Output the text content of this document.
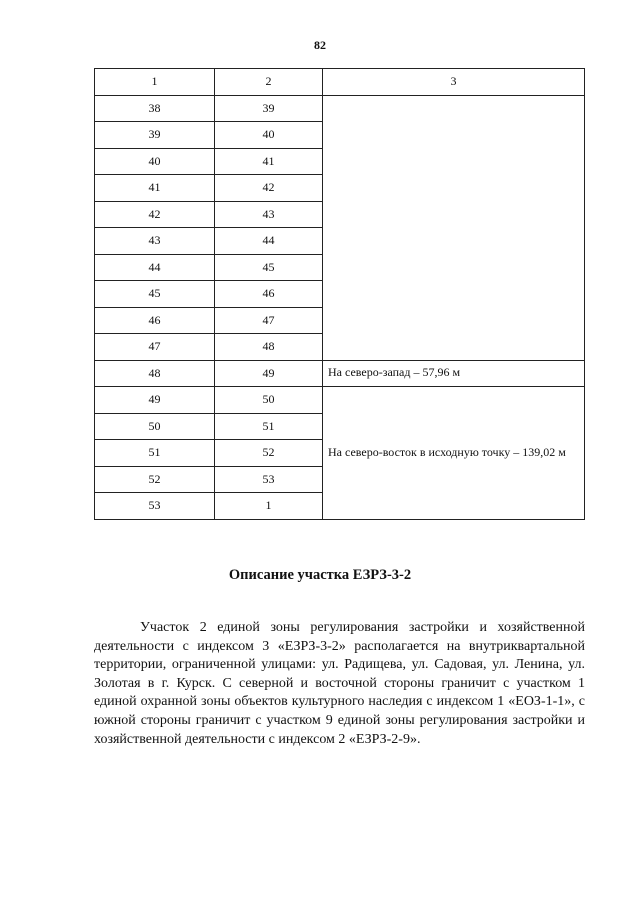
82
1	2	3
38	39	
39	40	
40	41	
41	42	
42	43	
43	44	
44	45	
45	46	
46	47	
47	48	
48	49	На северо-запад – 57,96 м
49	50	На северо-восток в исходную точку – 139,02 м
50	51	
51	52	
52	53	
53	1	
Описание участка ЕЗРЗ-3-2

Участок 2 единой зоны регулирования застройки и хозяйственной деятельности с индексом 3 «ЕЗРЗ-3-2» располагается на внутриквартальной территории, ограниченной улицами: ул. Радищева, ул. Садовая, ул. Ленина, ул. Золотая в г. Курск. С северной и восточной стороны граничит с участком 1 единой охранной зоны объектов культурного наследия с индексом 1 «ЕОЗ-1-1», с южной стороны граничит с участком 9 единой зоны регулирования застройки и хозяйственной деятельности с индексом 2 «ЕЗРЗ-2-9».
